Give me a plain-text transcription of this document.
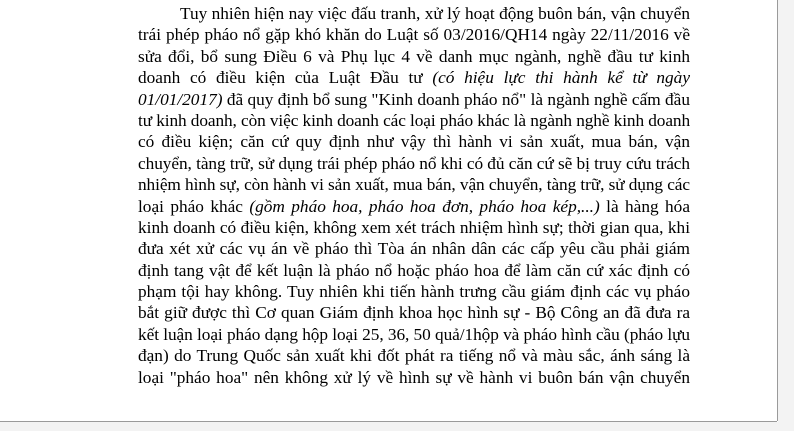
Tuy nhiên hiện nay việc đấu tranh, xử lý hoạt động buôn bán, vận chuyển
trái phép pháo nổ gặp khó khăn do Luật số 03/2016/QH14 ngày 22/11/2016 về
sửa đổi, bổ sung Điều 6 và Phụ lục 4 về danh mục ngành, nghề đầu tư kinh
doanh có điều kiện của Luật Đầu tư (có hiệu lực thi hành kể từ ngày
01/01/2017) đã quy định bổ sung "Kinh doanh pháo nổ" là ngành nghề cấm đầu
tư kinh doanh, còn việc kinh doanh các loại pháo khác là ngành nghề kinh doanh
có điều kiện; căn cứ quy định như vậy thì hành vi sản xuất, mua bán, vận
chuyển, tàng trữ, sử dụng trái phép pháo nổ khi có đủ căn cứ sẽ bị truy cứu trách
nhiệm hình sự, còn hành vi sản xuất, mua bán, vận chuyển, tàng trữ, sử dụng các
loại pháo khác (gồm pháo hoa, pháo hoa đơn, pháo hoa kép,...) là hàng hóa
kinh doanh có điều kiện, không xem xét trách nhiệm hình sự; thời gian qua, khi
đưa xét xử các vụ án về pháo thì Tòa án nhân dân các cấp yêu cầu phải giám
định tang vật để kết luận là pháo nổ hoặc pháo hoa để làm căn cứ xác định có
phạm tội hay không. Tuy nhiên khi tiến hành trưng cầu giám định các vụ pháo
bắt giữ được thì Cơ quan Giám định khoa học hình sự - Bộ Công an đã đưa ra
kết luận loại pháo dạng hộp loại 25, 36, 50 quả/1hộp và pháo hình cầu (pháo lựu
đạn) do Trung Quốc sản xuất khi đốt phát ra tiếng nổ và màu sắc, ánh sáng là
loại "pháo hoa" nên không xử lý về hình sự về hành vi buôn bán vận chuyển
